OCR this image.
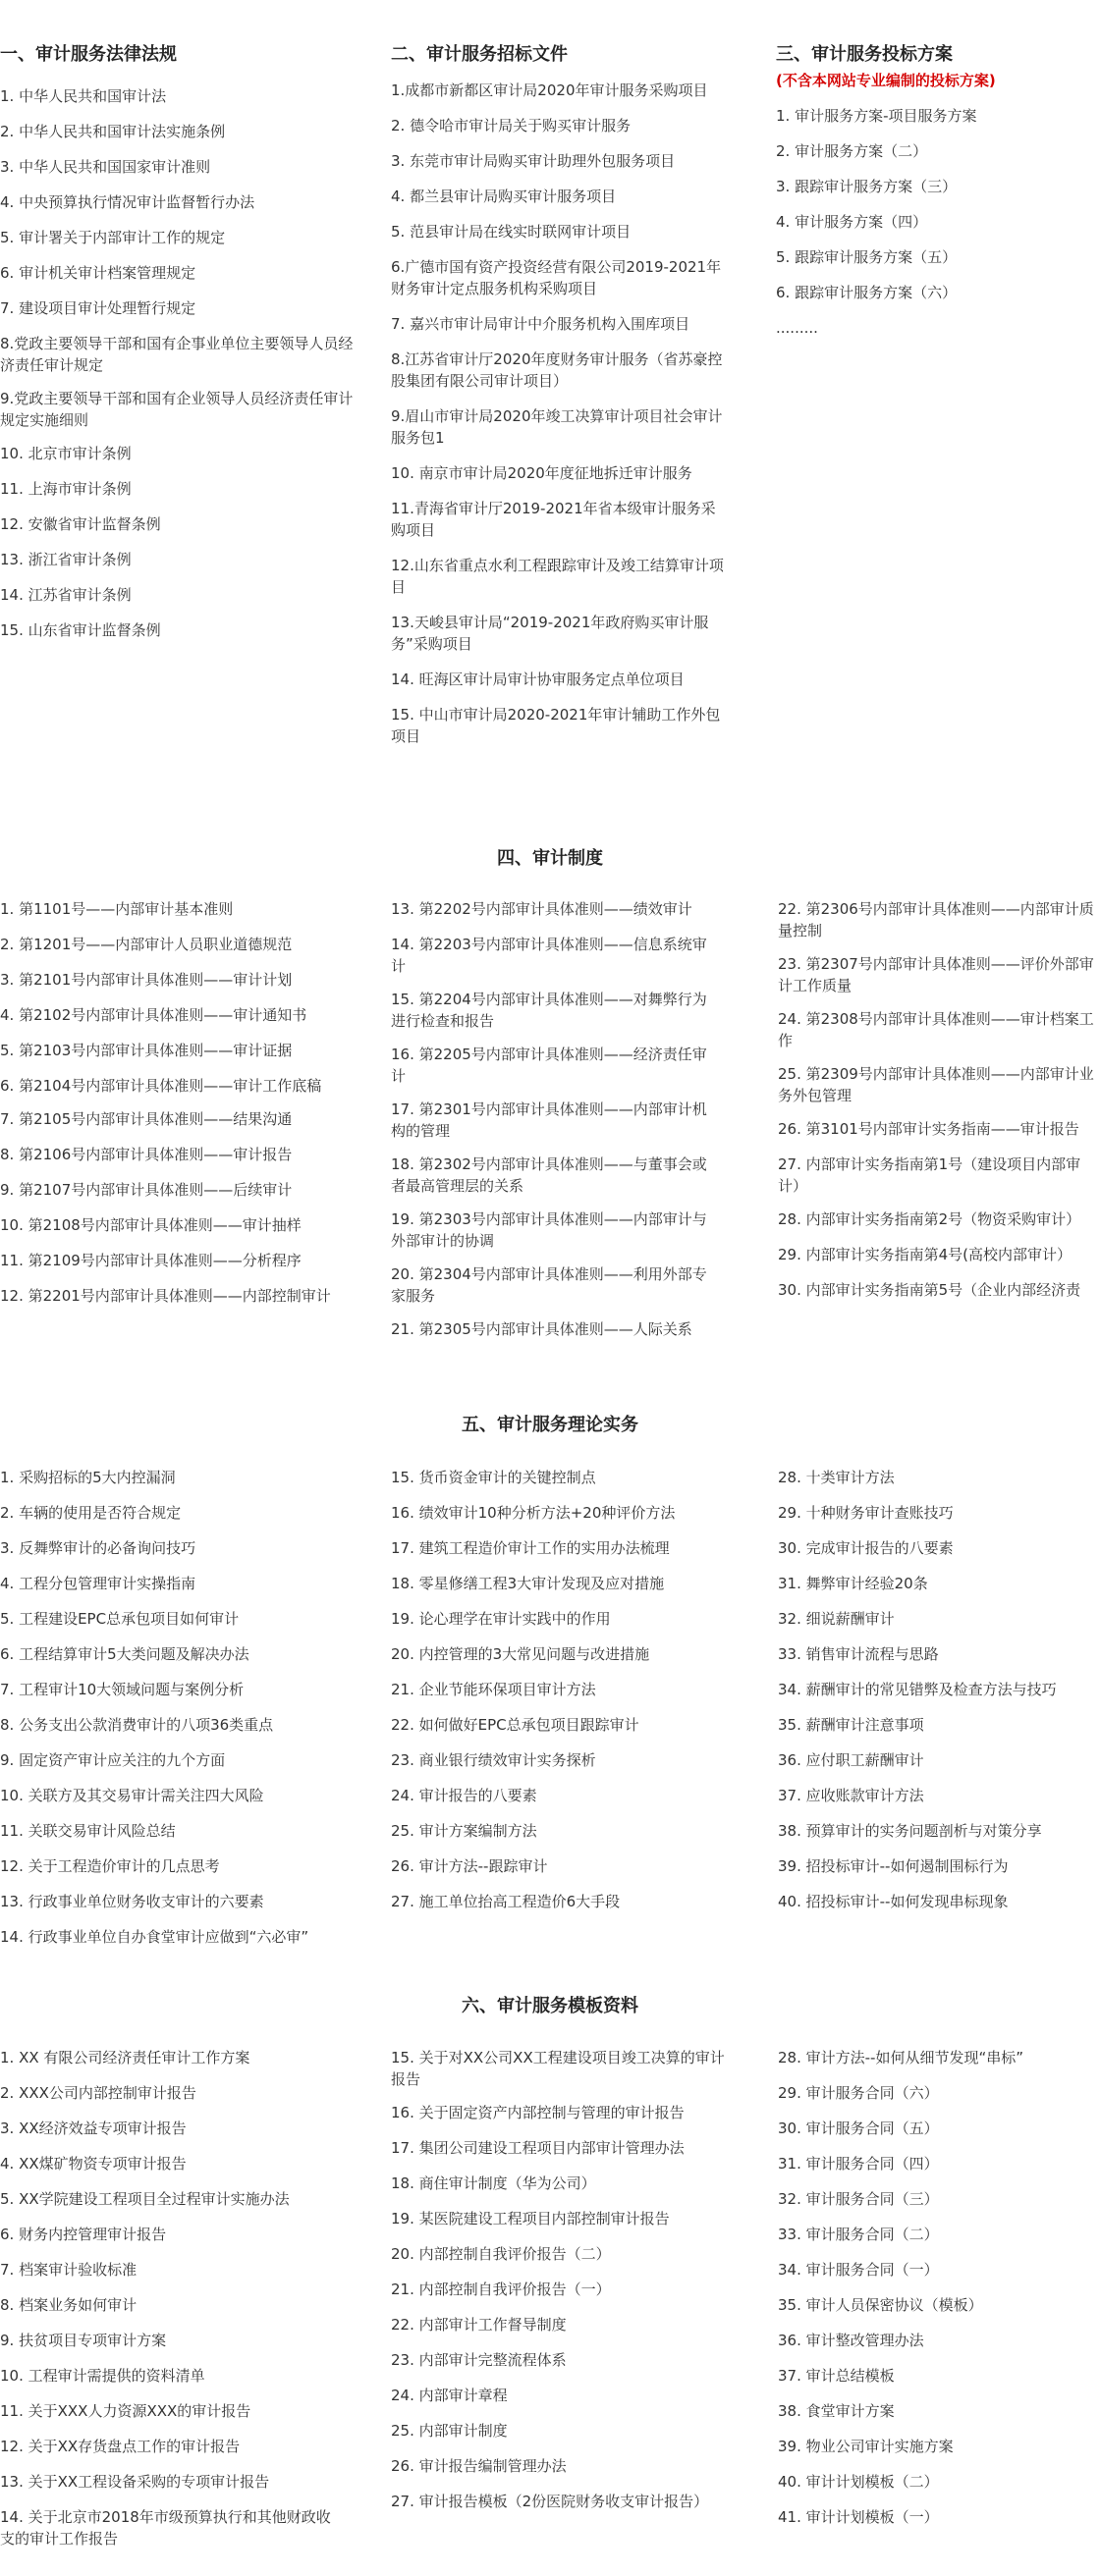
一、审计服务法律法规
1. 中华人民共和国审计法
2. 中华人民共和国审计法实施条例
3. 中华人民共和国国家审计准则
4. 中央预算执行情况审计监督暂行办法
5. 审计署关于内部审计工作的规定
6. 审计机关审计档案管理规定
7. 建设项目审计处理暂行规定
8.党政主要领导干部和国有企事业单位主要领导人员经济责任审计规定
9.党政主要领导干部和国有企业领导人员经济责任审计规定实施细则
10. 北京市审计条例
11. 上海市审计条例
12. 安徽省审计监督条例
13. 浙江省审计条例
14. 江苏省审计条例
15. 山东省审计监督条例
二、审计服务招标文件
1.成都市新都区审计局2020年审计服务采购项目
2. 德令哈市审计局关于购买审计服务
3. 东莞市审计局购买审计助理外包服务项目
4. 都兰县审计局购买审计服务项目
5. 范县审计局在线实时联网审计项目
6.广德市国有资产投资经营有限公司2019-2021年财务审计定点服务机构采购项目
7. 嘉兴市审计局审计中介服务机构入围库项目
8.江苏省审计厅2020年度财务审计服务（省苏豪控股集团有限公司审计项目）
9.眉山市审计局2020年竣工决算审计项目社会审计服务包1
10. 南京市审计局2020年度征地拆迁审计服务
11.青海省审计厅2019-2021年省本级审计服务采购项目
12.山东省重点水利工程跟踪审计及竣工结算审计项目
13.天峻县审计局“2019-2021年政府购买审计服务”采购项目
14. 旺海区审计局审计协审服务定点单位项目
15. 中山市审计局2020-2021年审计辅助工作外包项目
三、审计服务投标方案
(不含本网站专业编制的投标方案)
1. 审计服务方案-项目服务方案
2. 审计服务方案（二）
3. 跟踪审计服务方案（三）
4. 审计服务方案（四）
5. 跟踪审计服务方案（五）
6. 跟踪审计服务方案（六）
.........
四、审计制度
1. 第1101号——内部审计基本准则
2. 第1201号——内部审计人员职业道德规范
3. 第2101号内部审计具体准则——审计计划
4. 第2102号内部审计具体准则——审计通知书
5. 第2103号内部审计具体准则——审计证据
6. 第2104号内部审计具体准则——审计工作底稿
7. 第2105号内部审计具体准则——结果沟通
8. 第2106号内部审计具体准则——审计报告
9. 第2107号内部审计具体准则——后续审计
10. 第2108号内部审计具体准则——审计抽样
11. 第2109号内部审计具体准则——分析程序
12. 第2201号内部审计具体准则——内部控制审计
13. 第2202号内部审计具体准则——绩效审计
14. 第2203号内部审计具体准则——信息系统审计
15. 第2204号内部审计具体准则——对舞弊行为进行检查和报告
16. 第2205号内部审计具体准则——经济责任审计
17. 第2301号内部审计具体准则——内部审计机构的管理
18. 第2302号内部审计具体准则——与董事会或者最高管理层的关系
19. 第2303号内部审计具体准则——内部审计与外部审计的协调
20. 第2304号内部审计具体准则——利用外部专家服务
21. 第2305号内部审计具体准则——人际关系
22. 第2306号内部审计具体准则——内部审计质量控制
23. 第2307号内部审计具体准则——评价外部审计工作质量
24. 第2308号内部审计具体准则——审计档案工作
25. 第2309号内部审计具体准则——内部审计业务外包管理
26. 第3101号内部审计实务指南——审计报告
27. 内部审计实务指南第1号（建设项目内部审计）
28. 内部审计实务指南第2号（物资采购审计）
29. 内部审计实务指南第4号(高校内部审计）
30. 内部审计实务指南第5号（企业内部经济责
五、审计服务理论实务
1. 采购招标的5大内控漏洞
2. 车辆的使用是否符合规定
3. 反舞弊审计的必备询问技巧
4. 工程分包管理审计实操指南
5. 工程建设EPC总承包项目如何审计
6. 工程结算审计5大类问题及解决办法
7. 工程审计10大领域问题与案例分析
8. 公务支出公款消费审计的八项36类重点
9. 固定资产审计应关注的九个方面
10. 关联方及其交易审计需关注四大风险
11. 关联交易审计风险总结
12. 关于工程造价审计的几点思考
13. 行政事业单位财务收支审计的六要素
14. 行政事业单位自办食堂审计应做到“六必审”
15. 货币资金审计的关键控制点
16. 绩效审计10种分析方法+20种评价方法
17. 建筑工程造价审计工作的实用办法梳理
18. 零星修缮工程3大审计发现及应对措施
19. 论心理学在审计实践中的作用
20. 内控管理的3大常见问题与改进措施
21. 企业节能环保项目审计方法
22. 如何做好EPC总承包项目跟踪审计
23. 商业银行绩效审计实务探析
24. 审计报告的八要素
25. 审计方案编制方法
26. 审计方法--跟踪审计
27. 施工单位抬高工程造价6大手段
28. 十类审计方法
29. 十种财务审计查账技巧
30. 完成审计报告的八要素
31. 舞弊审计经验20条
32. 细说薪酬审计
33. 销售审计流程与思路
34. 薪酬审计的常见错弊及检查方法与技巧
35. 薪酬审计注意事项
36. 应付职工薪酬审计
37. 应收账款审计方法
38. 预算审计的实务问题剖析与对策分享
39. 招投标审计--如何遏制围标行为
40. 招投标审计--如何发现串标现象
六、审计服务模板资料
1. XX 有限公司经济责任审计工作方案
2. XXX公司内部控制审计报告
3. XX经济效益专项审计报告
4. XX煤矿物资专项审计报告
5. XX学院建设工程项目全过程审计实施办法
6. 财务内控管理审计报告
7. 档案审计验收标准
8. 档案业务如何审计
9. 扶贫项目专项审计方案
10. 工程审计需提供的资料清单
11. 关于XXX人力资源XXX的审计报告
12. 关于XX存货盘点工作的审计报告
13. 关于XX工程设备采购的专项审计报告
14. 关于北京市2018年市级预算执行和其他财政收支的审计工作报告
15. 关于对XX公司XX工程建设项目竣工决算的审计报告
16. 关于固定资产内部控制与管理的审计报告
17. 集团公司建设工程项目内部审计管理办法
18. 商住审计制度（华为公司）
19. 某医院建设工程项目内部控制审计报告
20. 内部控制自我评价报告（二）
21. 内部控制自我评价报告（一）
22. 内部审计工作督导制度
23. 内部审计完整流程体系
24. 内部审计章程
25. 内部审计制度
26. 审计报告编制管理办法
27. 审计报告模板（2份医院财务收支审计报告）
28. 审计方法--如何从细节发现“串标”
29. 审计服务合同（六）
30. 审计服务合同（五）
31. 审计服务合同（四）
32. 审计服务合同（三）
33. 审计服务合同（二）
34. 审计服务合同（一）
35. 审计人员保密协议（模板）
36. 审计整改管理办法
37. 审计总结模板
38. 食堂审计方案
39. 物业公司审计实施方案
40. 审计计划模板（二）
41. 审计计划模板（一）
